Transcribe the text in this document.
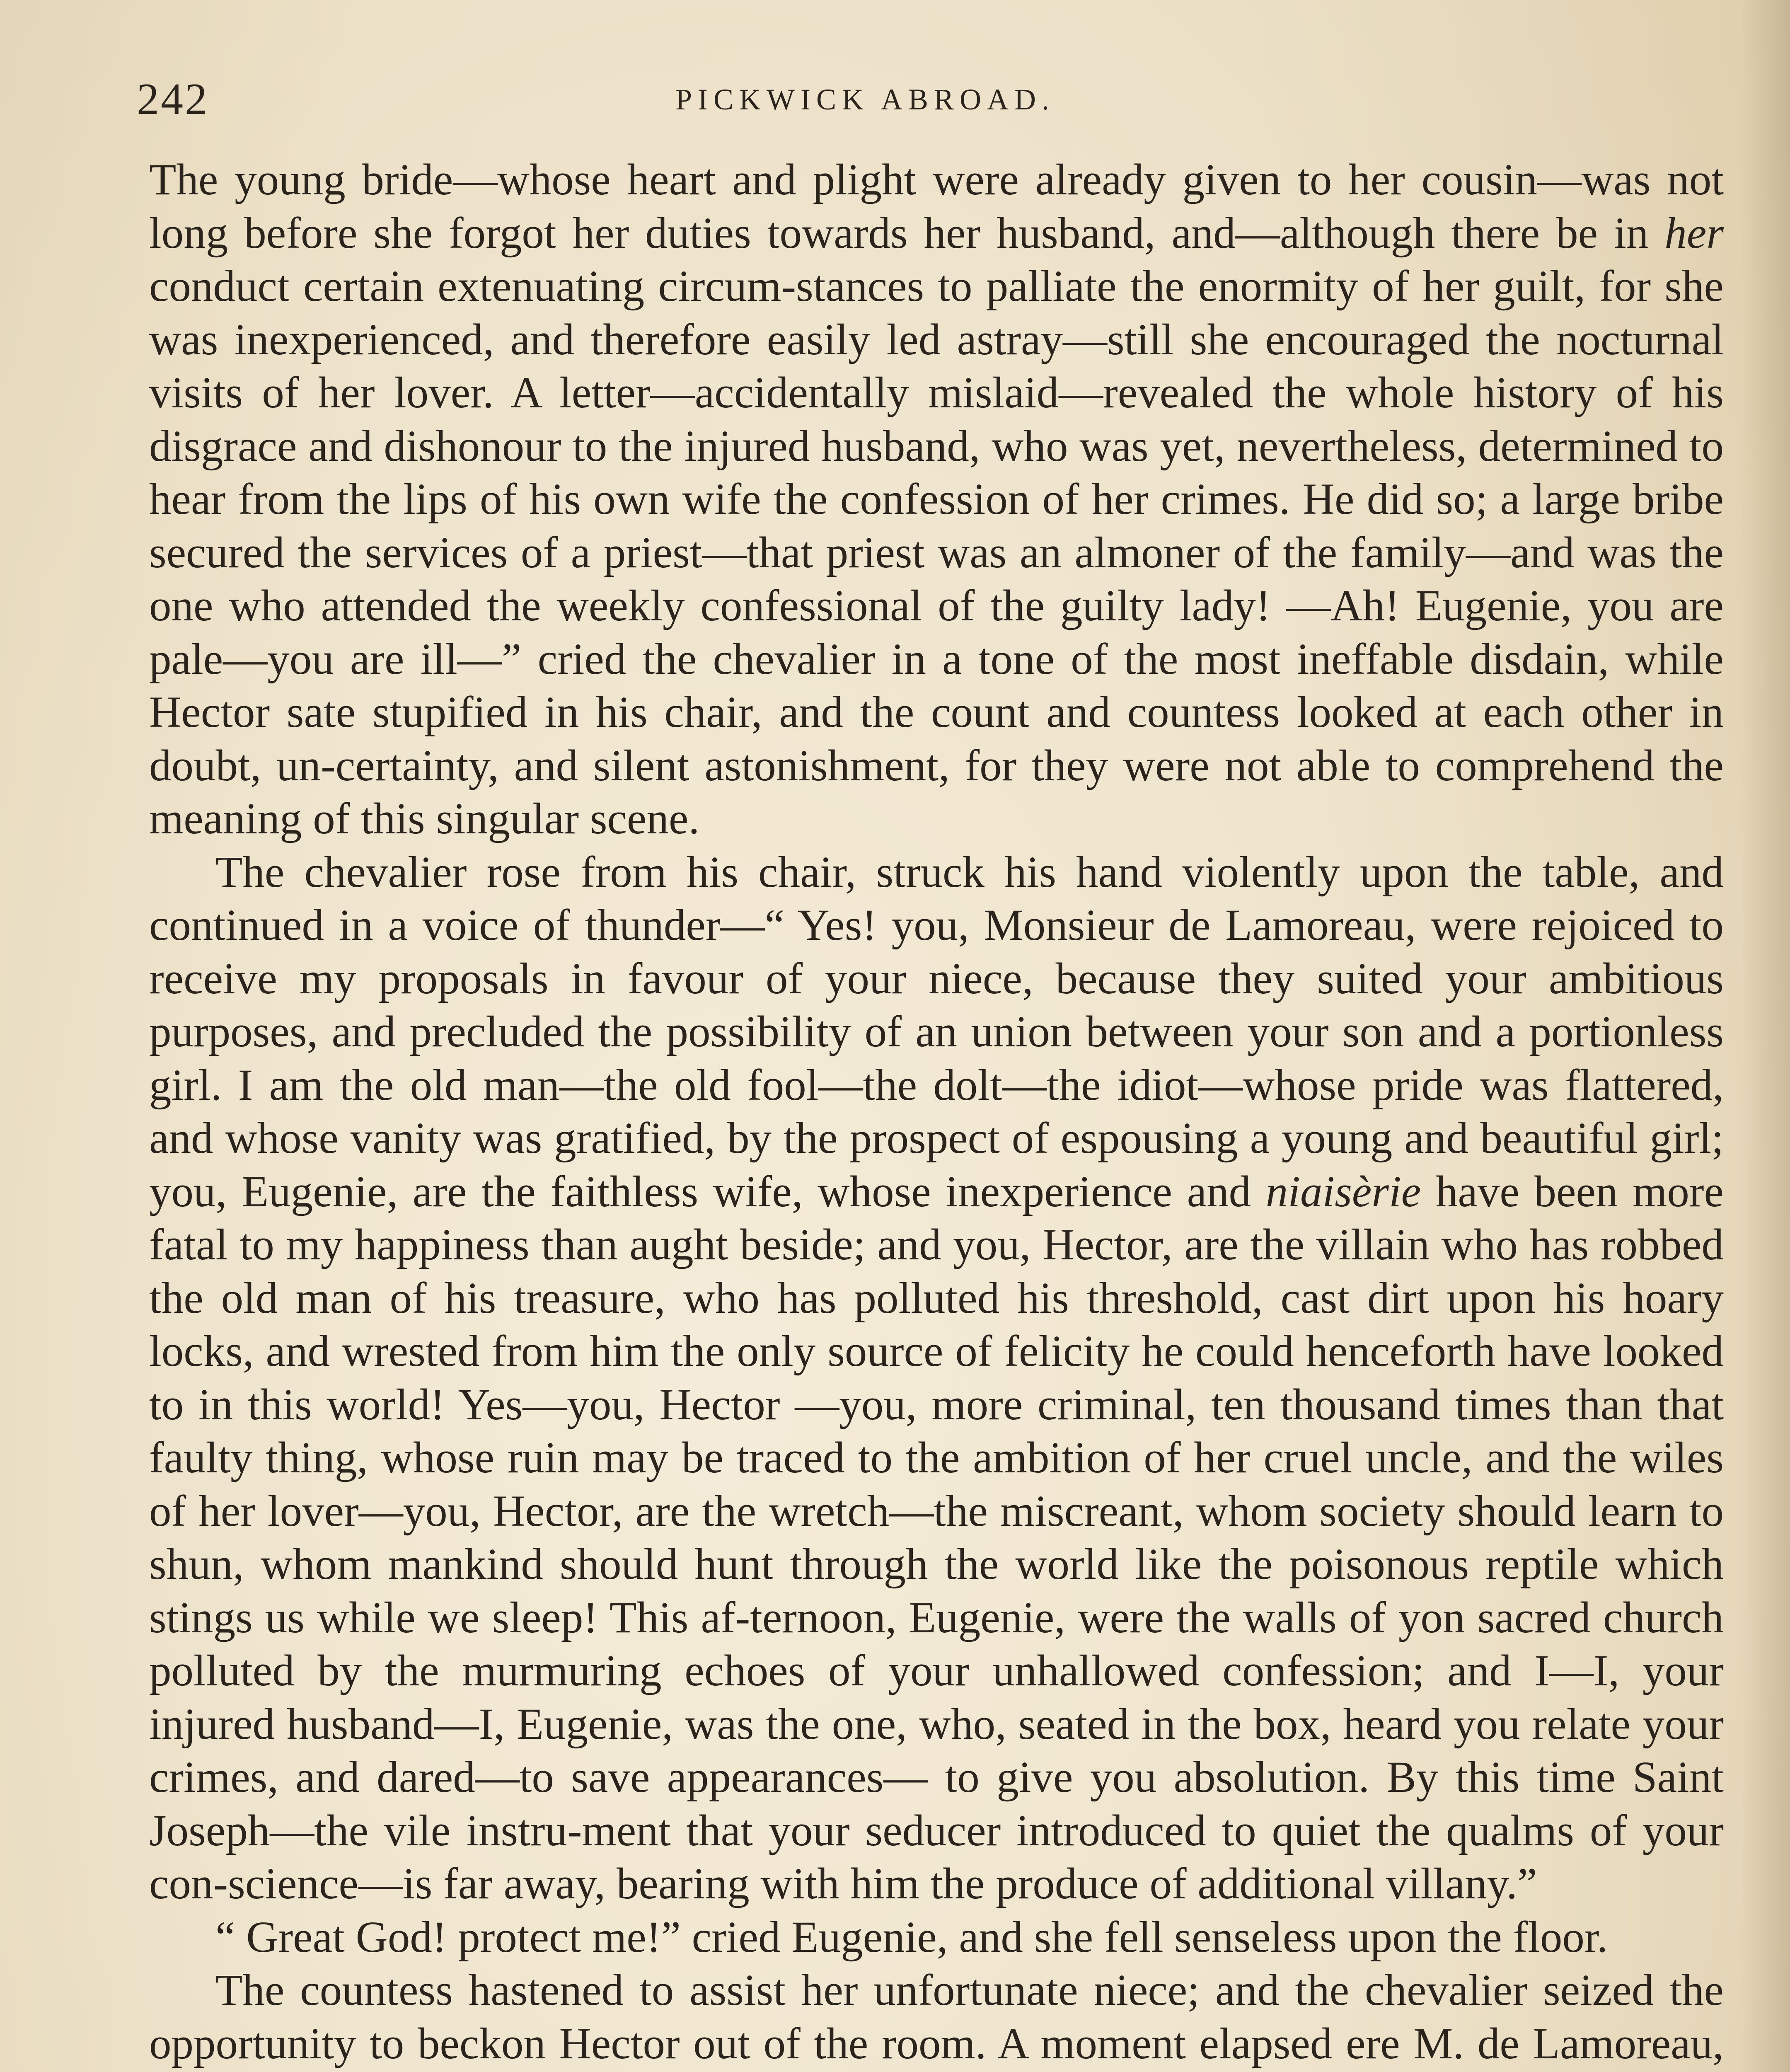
242	PICKWICK ABROAD.

The young bride—whose heart and plight were already given to her cousin—was not long before she forgot her duties towards her husband, and—although there be in her conduct certain extenuating circum-stances to palliate the enormity of her guilt, for she was inexperienced, and therefore easily led astray—still she encouraged the nocturnal visits of her lover. A letter—accidentally mislaid—revealed the whole history of his disgrace and dishonour to the injured husband, who was yet, nevertheless, determined to hear from the lips of his own wife the confession of her crimes. He did so; a large bribe secured the services of a priest—that priest was an almoner of the family—and was the one who attended the weekly confessional of the guilty lady! —Ah! Eugenie, you are pale—you are ill—” cried the chevalier in a tone of the most ineffable disdain, while Hector sate stupified in his chair, and the count and countess looked at each other in doubt, un-certainty, and silent astonishment, for they were not able to comprehend the meaning of this singular scene.

The chevalier rose from his chair, struck his hand violently upon the table, and continued in a voice of thunder—“ Yes! you, Monsieur de Lamoreau, were rejoiced to receive my proposals in favour of your niece, because they suited your ambitious purposes, and precluded the possibility of an union between your son and a portionless girl. I am the old man—the old fool—the dolt—the idiot—whose pride was flattered, and whose vanity was gratified, by the prospect of espousing a young and beautiful girl; you, Eugenie, are the faithless wife, whose inexperience and niaisèrie have been more fatal to my happiness than aught beside; and you, Hector, are the villain who has robbed the old man of his treasure, who has polluted his threshold, cast dirt upon his hoary locks, and wrested from him the only source of felicity he could henceforth have looked to in this world! Yes—you, Hector —you, more criminal, ten thousand times than that faulty thing, whose ruin may be traced to the ambition of her cruel uncle, and the wiles of her lover—you, Hector, are the wretch—the miscreant, whom society should learn to shun, whom mankind should hunt through the world like the poisonous reptile which stings us while we sleep! This af-ternoon, Eugenie, were the walls of yon sacred church polluted by the murmuring echoes of your unhallowed confession; and I—I, your injured husband—I, Eugenie, was the one, who, seated in the box, heard you relate your crimes, and dared—to save appearances— to give you absolution. By this time Saint Joseph—the vile instru-ment that your seducer introduced to quiet the qualms of your con-science—is far away, bearing with him the produce of additional villany.”

“ Great God! protect me!” cried Eugenie, and she fell senseless upon the floor.

The countess hastened to assist her unfortunate niece; and the chevalier seized the opportunity to beckon Hector out of the room. A moment elapsed ere M. de Lamoreau,
